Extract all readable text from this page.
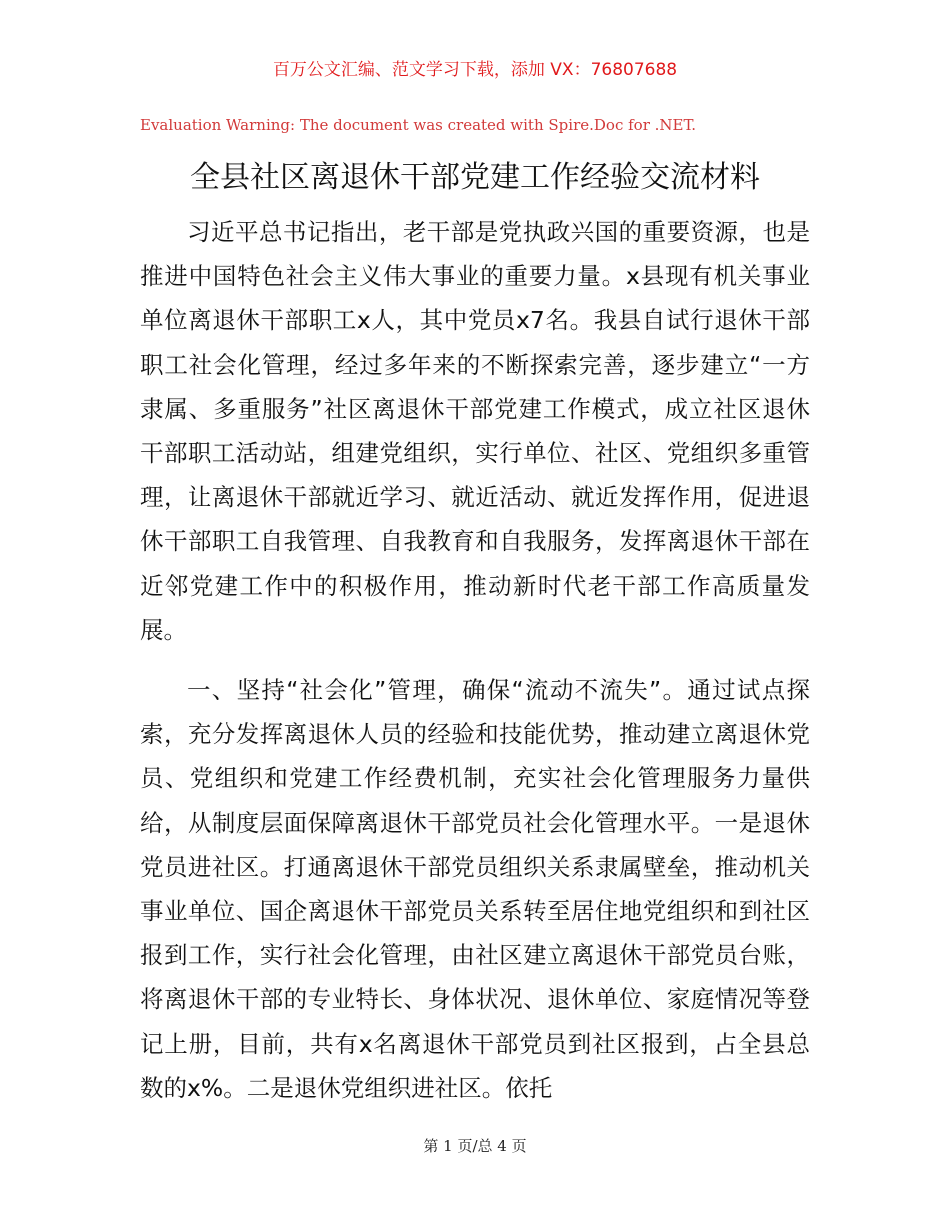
百万公文汇编、范文学习下载，添加 VX：76807688
Evaluation Warning: The document was created with Spire.Doc for .NET.
全县社区离退休干部党建工作经验交流材料

习近平总书记指出，老干部是党执政兴国的重要资源，也是推进中国特色社会主义伟大事业的重要力量。x县现有机关事业单位离退休干部职工x人，其中党员x7名。我县自试行退休干部职工社会化管理，经过多年来的不断探索完善，逐步建立“一方隶属、多重服务”社区离退休干部党建工作模式，成立社区退休干部职工活动站，组建党组织，实行单位、社区、党组织多重管理，让离退休干部就近学习、就近活动、就近发挥作用，促进退休干部职工自我管理、自我教育和自我服务，发挥离退休干部在近邻党建工作中的积极作用，推动新时代老干部工作高质量发展。

一、坚持“社会化”管理，确保“流动不流失”。通过试点探索，充分发挥离退休人员的经验和技能优势，推动建立离退休党员、党组织和党建工作经费机制，充实社会化管理服务力量供给，从制度层面保障离退休干部党员社会化管理水平。一是退休党员进社区。打通离退休干部党员组织关系隶属壁垒，推动机关事业单位、国企离退休干部党员关系转至居住地党组织和到社区报到工作，实行社会化管理，由社区建立离退休干部党员台账，将离退休干部的专业特长、身体状况、退休单位、家庭情况等登记上册，目前，共有x名离退休干部党员到社区报到，占全县总数的x%。二是退休党组织进社区。依托

第 1 页/总 4 页
